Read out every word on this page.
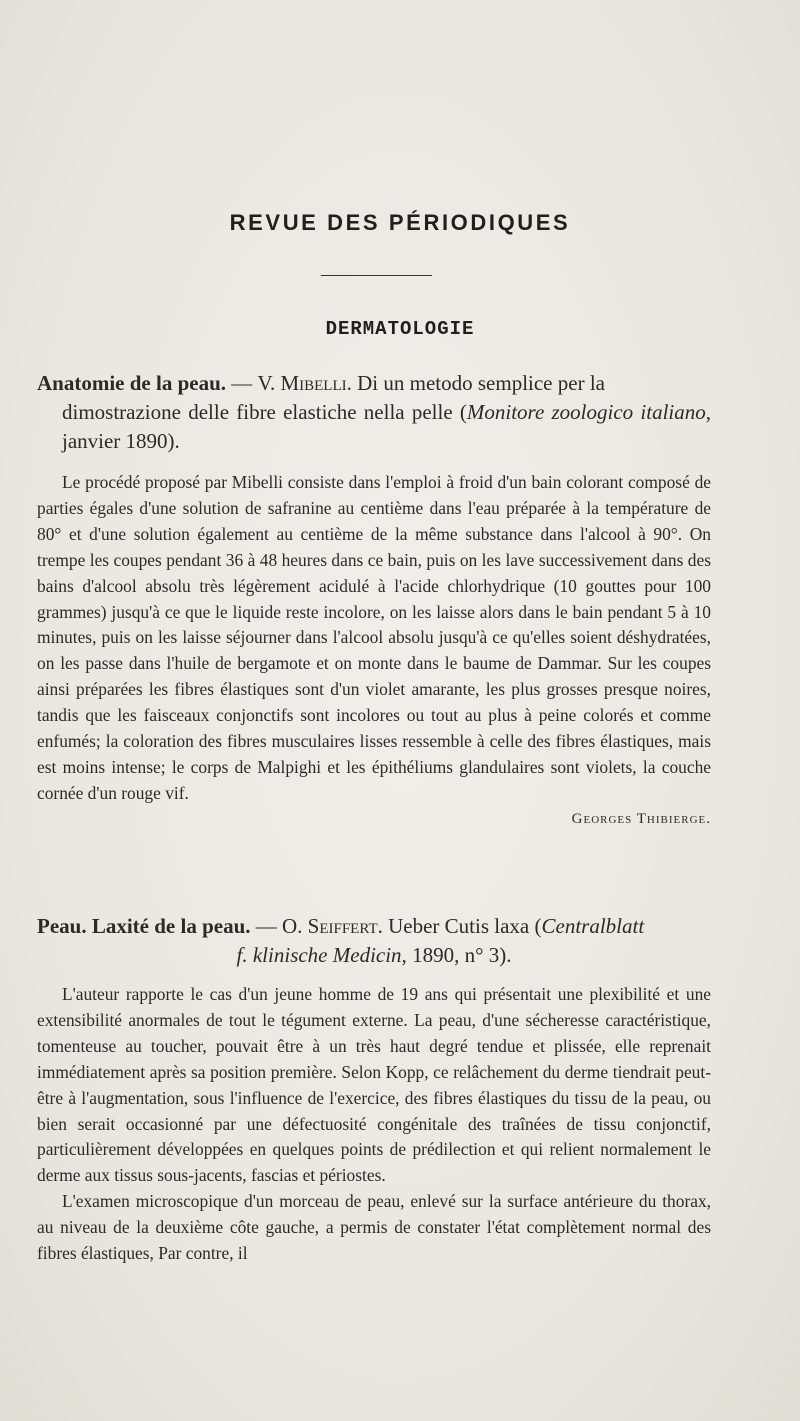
REVUE DES PÉRIODIQUES
DERMATOLOGIE
Anatomie de la peau. — V. Mibelli. Di un metodo semplice per la
dimostrazione delle fibre elastiche nella pelle (Monitore zoologico italiano, janvier 1890).

Le procédé proposé par Mibelli consiste dans l'emploi à froid d'un bain colorant composé de parties égales d'une solution de safranine au centième dans l'eau préparée à la température de 80° et d'une solution également au centième de la même substance dans l'alcool à 90°. On trempe les coupes pendant 36 à 48 heures dans ce bain, puis on les lave successivement dans des bains d'alcool absolu très légèrement acidulé à l'acide chlorhydrique (10 gouttes pour 100 grammes) jusqu'à ce que le liquide reste incolore, on les laisse alors dans le bain pendant 5 à 10 minutes, puis on les laisse séjourner dans l'alcool absolu jusqu'à ce qu'elles soient déshydratées, on les passe dans l'huile de bergamote et on monte dans le baume de Dammar. Sur les coupes ainsi préparées les fibres élastiques sont d'un violet amarante, les plus grosses presque noires, tandis que les faisceaux conjonctifs sont incolores ou tout au plus à peine colorés et comme enfumés; la coloration des fibres musculaires lisses ressemble à celle des fibres élastiques, mais est moins intense; le corps de Malpighi et les épithéliums glandulaires sont violets, la couche cornée d'un rouge vif.

Georges Thibierge.
Peau. Laxité de la peau. — O. Seiffert. Ueber Cutis laxa (Centralblatt
f. klinische Medicin, 1890, n° 3).

L'auteur rapporte le cas d'un jeune homme de 19 ans qui présentait une plexibilité et une extensibilité anormales de tout le tégument externe. La peau, d'une sécheresse caractéristique, tomenteuse au toucher, pouvait être à un très haut degré tendue et plissée, elle reprenait immédiatement après sa position première. Selon Kopp, ce relâchement du derme tiendrait peut-être à l'augmentation, sous l'influence de l'exercice, des fibres élastiques du tissu de la peau, ou bien serait occasionné par une défectuosité congénitale des traînées de tissu conjonctif, particulièrement développées en quelques points de prédilection et qui relient normalement le derme aux tissus sous-jacents, fascias et périostes.

L'examen microscopique d'un morceau de peau, enlevé sur la surface antérieure du thorax, au niveau de la deuxième côte gauche, a permis de constater l'état complètement normal des fibres élastiques, Par contre, il
